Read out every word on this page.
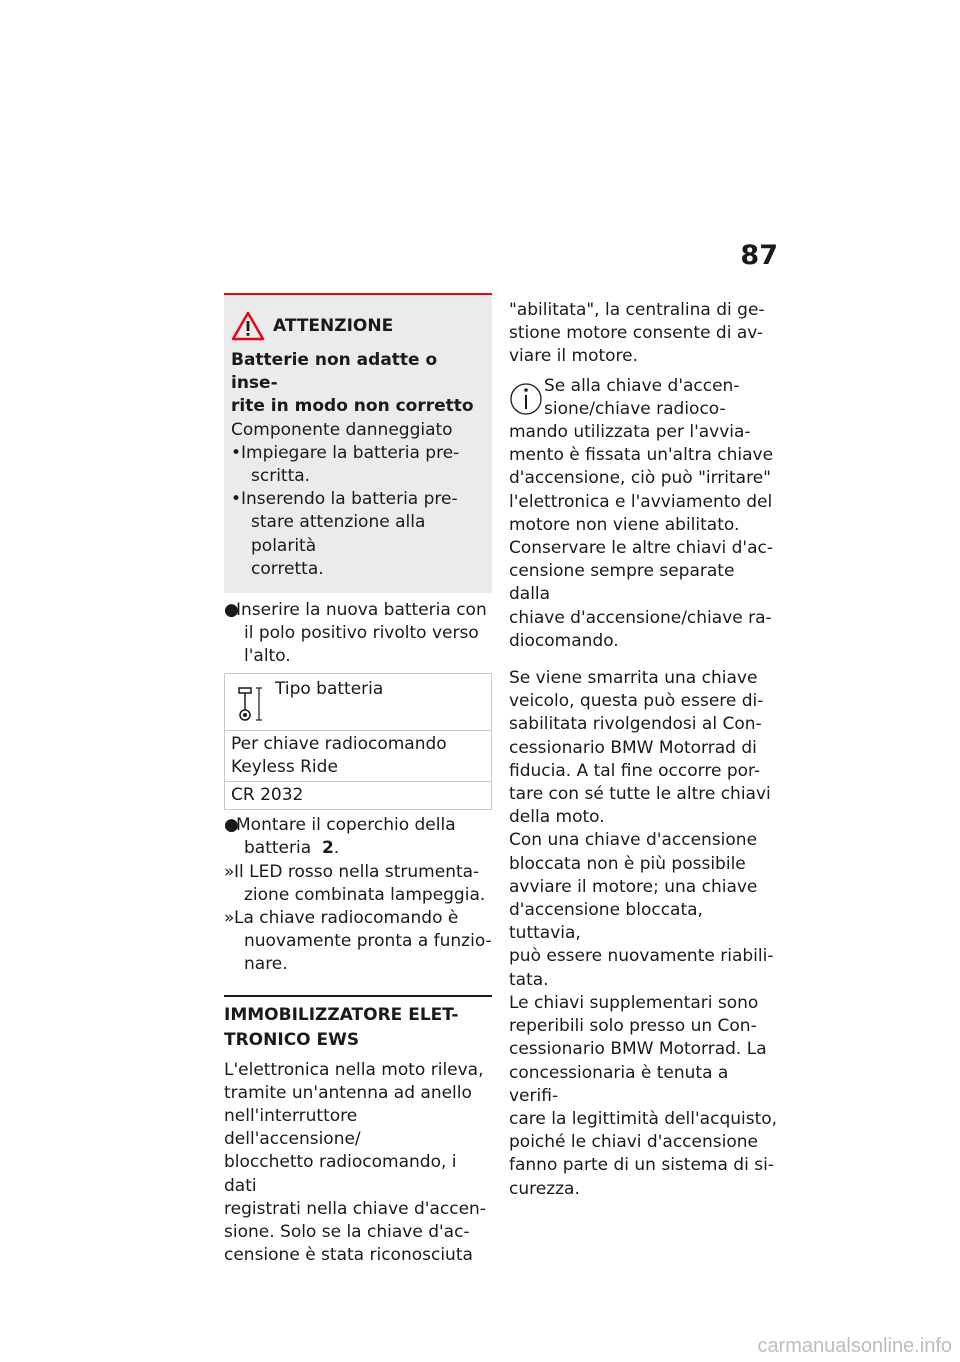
87
ATTENZIONE
Batterie non adatte o inse-
rite in modo non corretto
Componente danneggiato
• Impiegare la batteria pre-
scritta.
• Inserendo la batteria pre-
stare attenzione alla polarità
corretta.
●
Inserire la nuova batteria con
il polo positivo rivolto verso
l'alto.
Tipo batteria
Per chiave radiocomando
Keyless Ride
CR 2032
●
Montare il coperchio della
batteria 2.
» Il LED rosso nella strumenta-
zione combinata lampeggia.
» La chiave radiocomando è
nuovamente pronta a funzio-
nare.
IMMOBILIZZATORE ELET-
TRONICO EWS
L'elettronica nella moto rileva,
tramite un'antenna ad anello
nell'interruttore dell'accensione/
blocchetto radiocomando, i dati
registrati nella chiave d'accen-
sione. Solo se la chiave d'ac-
censione è stata riconosciuta
"abilitata", la centralina di ge-
stione motore consente di av-
viare il motore.
Se alla chiave d'accen-
sione/chiave radioco-
mando utilizzata per l'avvia-
mento è fissata un'altra chiave
d'accensione, ciò può "irritare"
l'elettronica e l'avviamento del
motore non viene abilitato.
Conservare le altre chiavi d'ac-
censione sempre separate dalla
chiave d'accensione/chiave ra-
diocomando.
Se viene smarrita una chiave
veicolo, questa può essere di-
sabilitata rivolgendosi al Con-
cessionario BMW Motorrad di
fiducia. A tal fine occorre por-
tare con sé tutte le altre chiavi
della moto.
Con una chiave d'accensione
bloccata non è più possibile
avviare il motore; una chiave
d'accensione bloccata, tuttavia,
può essere nuovamente riabili-
tata.
Le chiavi supplementari sono
reperibili solo presso un Con-
cessionario BMW Motorrad. La
concessionaria è tenuta a verifi-
care la legittimità dell'acquisto,
poiché le chiavi d'accensione
fanno parte di un sistema di si-
curezza.
carmanualsonline.info
